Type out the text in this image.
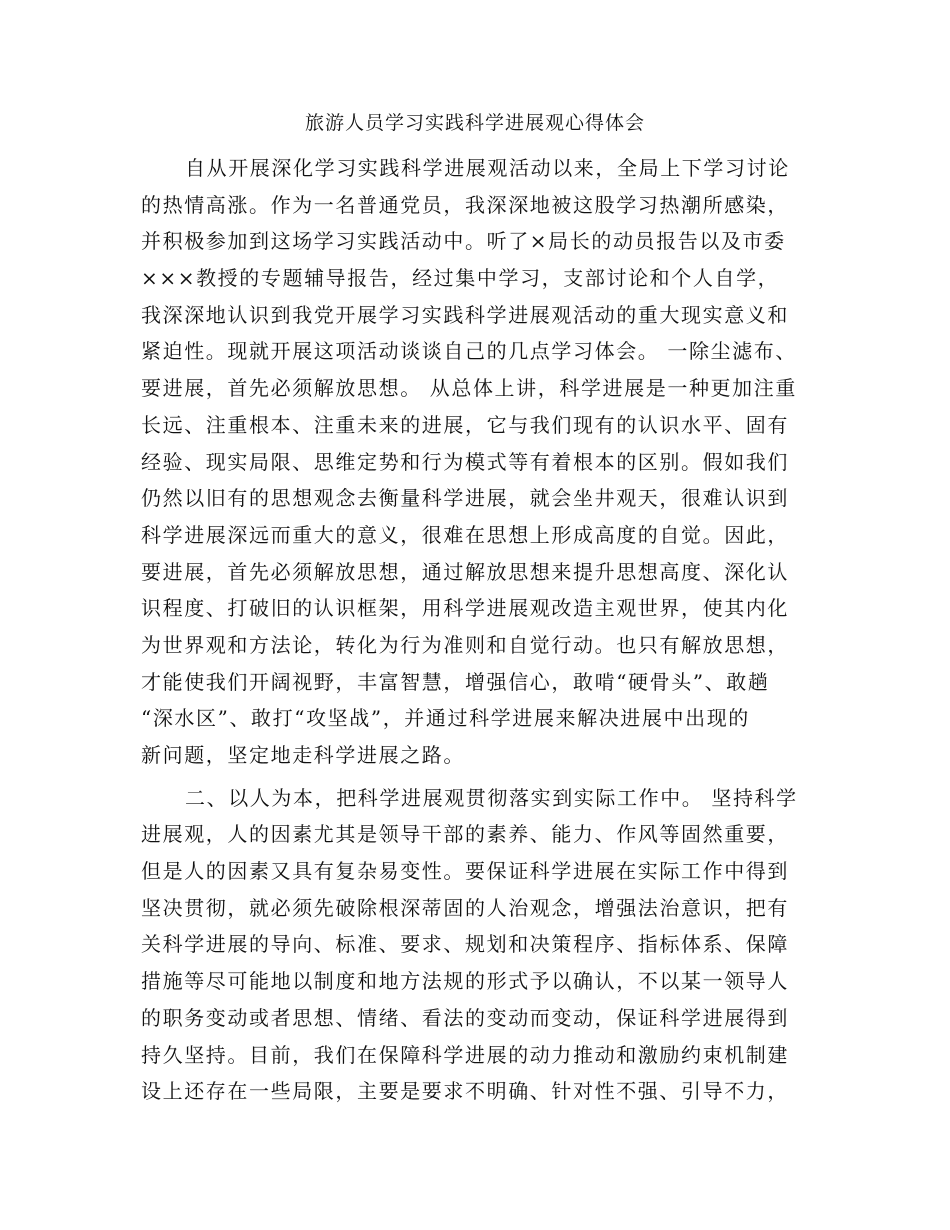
旅游人员学习实践科学进展观心得体会
自从开展深化学习实践科学进展观活动以来，全局上下学习讨论
的热情高涨。作为一名普通党员，我深深地被这股学习热潮所感染，
并积极参加到这场学习实践活动中。听了×局长的动员报告以及市委
×××教授的专题辅导报告，经过集中学习，支部讨论和个人自学，
我深深地认识到我党开展学习实践科学进展观活动的重大现实意义和
紧迫性。现就开展这项活动谈谈自己的几点学习体会。 一除尘滤布、
要进展，首先必须解放思想。 从总体上讲，科学进展是一种更加注重
长远、注重根本、注重未来的进展，它与我们现有的认识水平、固有
经验、现实局限、思维定势和行为模式等有着根本的区别。假如我们
仍然以旧有的思想观念去衡量科学进展，就会坐井观天，很难认识到
科学进展深远而重大的意义，很难在思想上形成高度的自觉。因此，
要进展，首先必须解放思想，通过解放思想来提升思想高度、深化认
识程度、打破旧的认识框架，用科学进展观改造主观世界，使其内化
为世界观和方法论，转化为行为准则和自觉行动。也只有解放思想，
才能使我们开阔视野，丰富智慧，增强信心，敢啃“硬骨头”、敢趟
“深水区”、敢打“攻坚战”，并通过科学进展来解决进展中出现的
新问题，坚定地走科学进展之路。
二、以人为本，把科学进展观贯彻落实到实际工作中。 坚持科学
进展观，人的因素尤其是领导干部的素养、能力、作风等固然重要，
但是人的因素又具有复杂易变性。要保证科学进展在实际工作中得到
坚决贯彻，就必须先破除根深蒂固的人治观念，增强法治意识，把有
关科学进展的导向、标准、要求、规划和决策程序、指标体系、保障
措施等尽可能地以制度和地方法规的形式予以确认，不以某一领导人
的职务变动或者思想、情绪、看法的变动而变动，保证科学进展得到
持久坚持。目前，我们在保障科学进展的动力推动和激励约束机制建
设上还存在一些局限，主要是要求不明确、针对性不强、引导不力，
